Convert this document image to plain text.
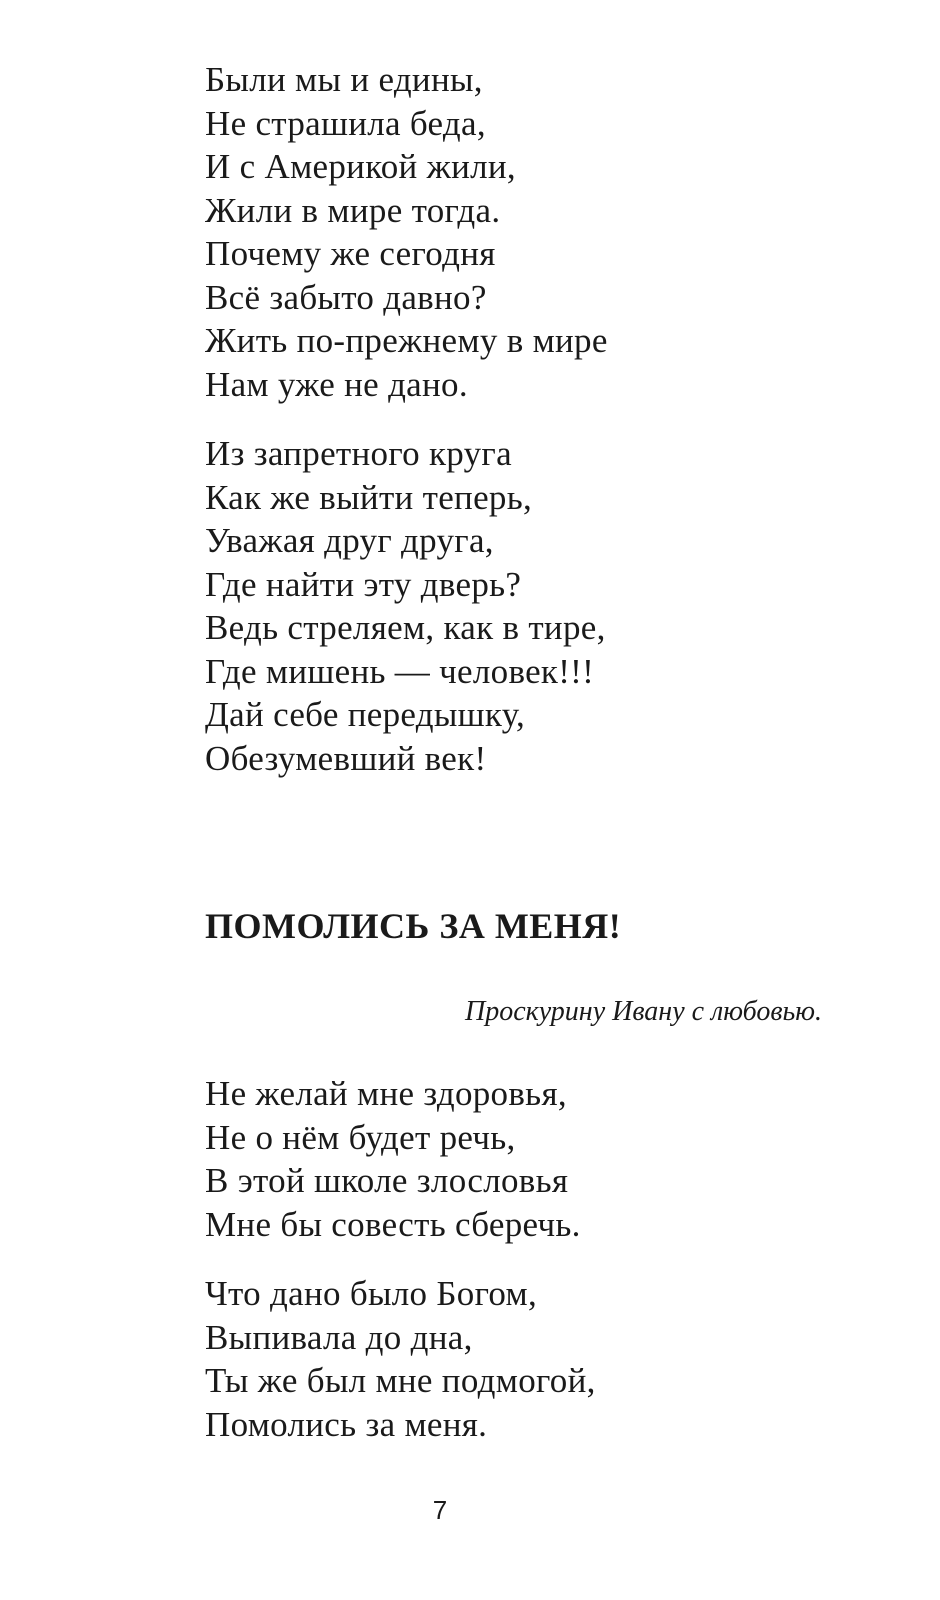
Были мы и едины,
Не страшила беда,
И с Америкой жили,
Жили в мире тогда.
Почему же сегодня
Всё забыто давно?
Жить по-прежнему в мире
Нам уже не дано.
Из запретного круга
Как же выйти теперь,
Уважая друг друга,
Где найти эту дверь?
Ведь стреляем, как в тире,
Где мишень — человек!!!
Дай себе передышку,
Обезумевший век!
ПОМОЛИСЬ ЗА МЕНЯ!

Проскурину Ивану с любовью.

Не желай мне здоровья,
Не о нём будет речь,
В этой школе злословья
Мне бы совесть сберечь.
Что дано было Богом,
Выпивала до дна,
Ты же был мне подмогой,
Помолись за меня.
7
